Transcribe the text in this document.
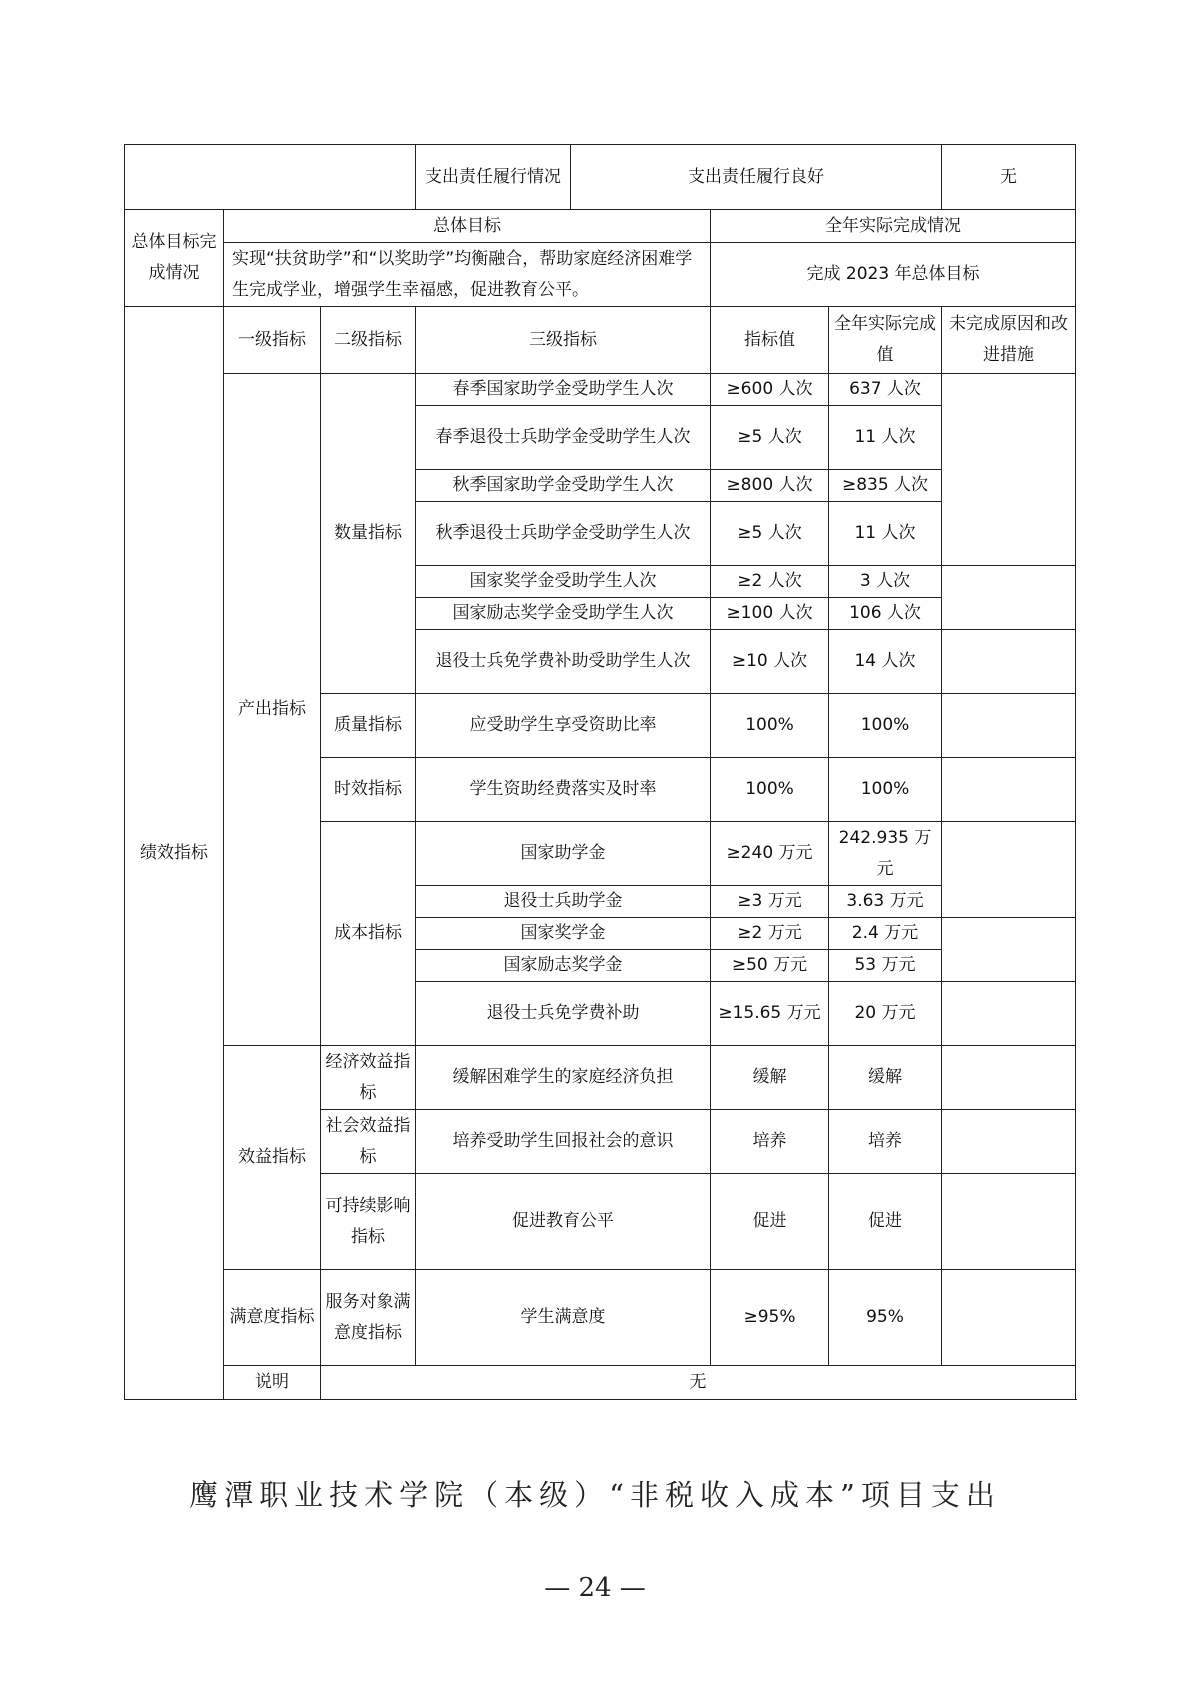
			支出责任履行情况	支出责任履行良好			无
总体目标完成情况	总体目标				全年实际完成情况		
	实现“扶贫助学”和“以奖助学”均衡融合，帮助家庭经济困难学生完成学业，增强学生幸福感，促进教育公平。				完成 2023 年总体目标		
绩效指标	一级指标	二级指标	三级指标		指标值	全年实际完成值	未完成原因和改进措施
	产出指标	数量指标	春季国家助学金受助学生人次		≥600 人次	637 人次	
			春季退役士兵助学金受助学生人次		≥5 人次	11 人次	
			秋季国家助学金受助学生人次		≥800 人次	≥835 人次	
			秋季退役士兵助学金受助学生人次		≥5 人次	11 人次	
			国家奖学金受助学生人次		≥2 人次	3 人次	
			国家励志奖学金受助学生人次		≥100 人次	106 人次	
			退役士兵免学费补助受助学生人次		≥10 人次	14 人次	
		质量指标	应受助学生享受资助比率		100%	100%	
		时效指标	学生资助经费落实及时率		100%	100%	
		成本指标	国家助学金		≥240 万元	242.935 万元	
			退役士兵助学金		≥3 万元	3.63 万元	
			国家奖学金		≥2 万元	2.4 万元	
			国家励志奖学金		≥50 万元	53 万元	
			退役士兵免学费补助		≥15.65 万元	20 万元	
	效益指标	经济效益指标	缓解困难学生的家庭经济负担		缓解	缓解	
		社会效益指标	培养受助学生回报社会的意识		培养	培养	
		可持续影响指标	促进教育公平		促进	促进	
	满意度指标	服务对象满意度指标	学生满意度		≥95%	95%	
	说明	无					
鹰潭职业技术学院（本级）“非税收入成本”项目支出
— 24 —
